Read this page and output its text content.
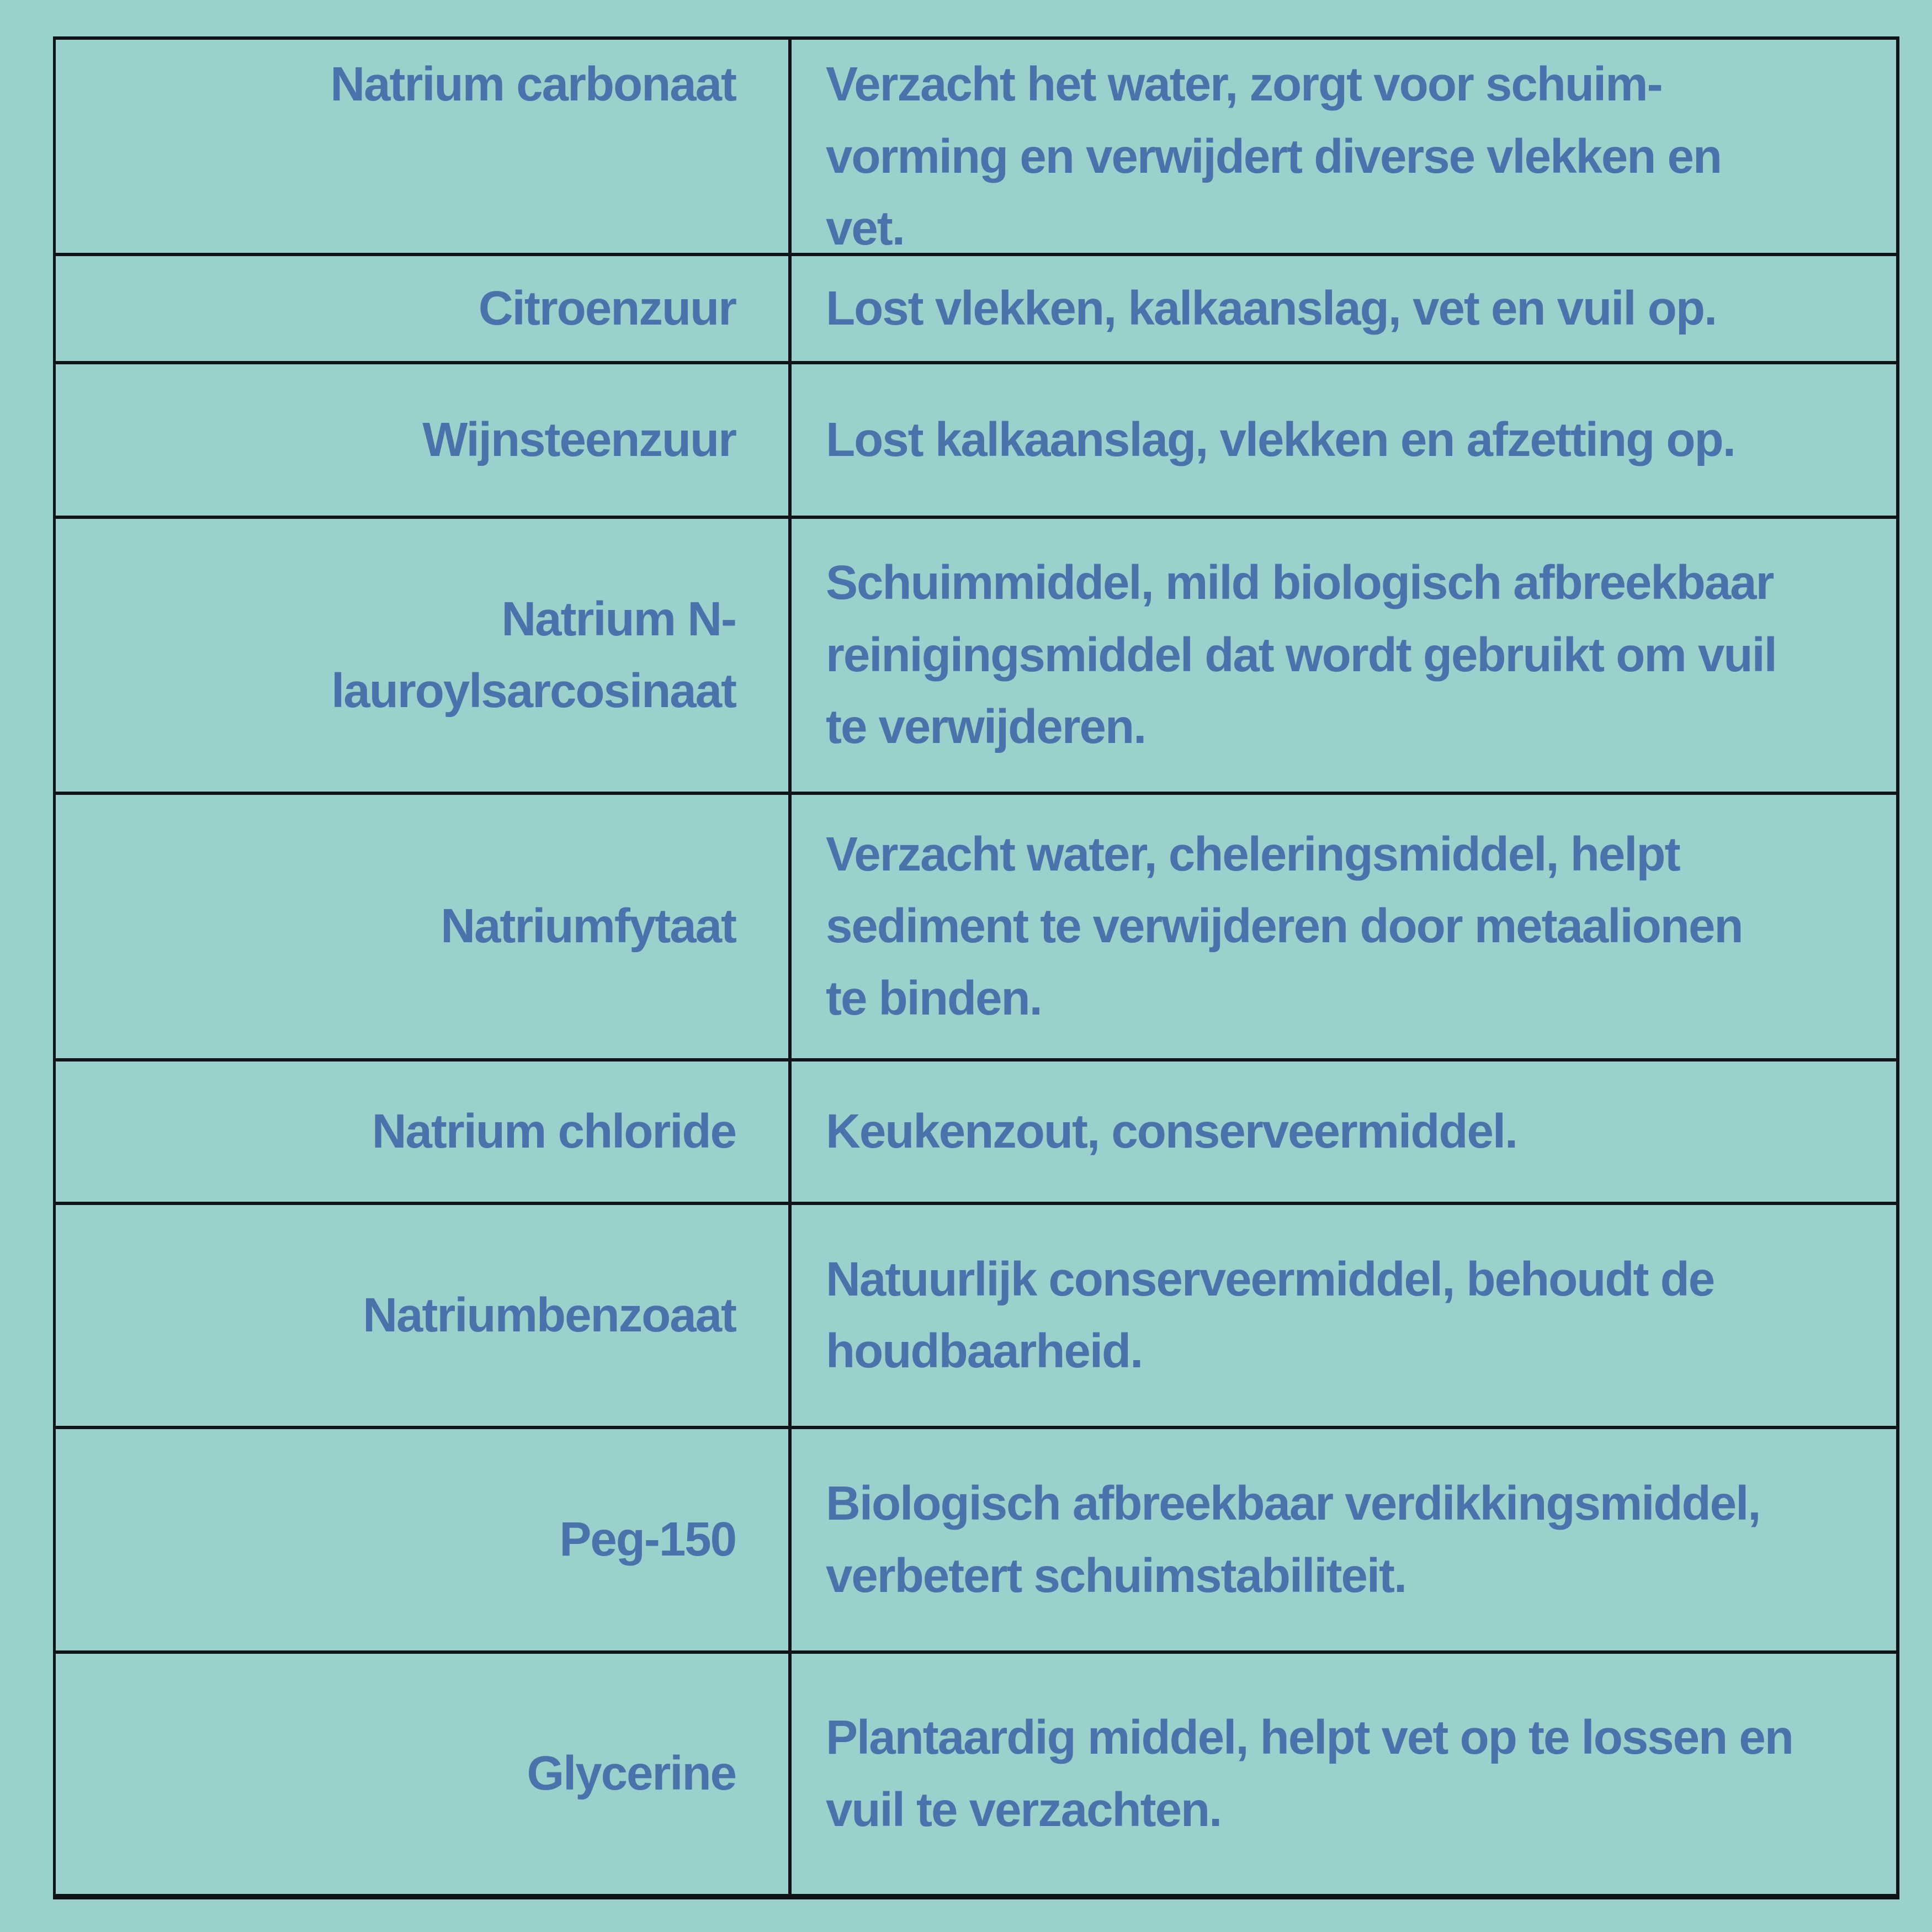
Natrium carbonaat Verzacht het water, zorgt voor schuim-
vorming en verwijdert diverse vlekken en
vet.
Citroenzuur Lost vlekken, kalkaanslag, vet en vuil op.
Wijnsteenzuur Lost kalkaanslag, vlekken en afzetting op.
Natrium N-
lauroylsarcosinaat
Schuimmiddel, mild biologisch afbreekbaar
reinigingsmiddel dat wordt gebruikt om vuil
te verwijderen.
Natriumfytaat
Verzacht water, cheleringsmiddel, helpt
sediment te verwijderen door metaalionen
te binden.
Natrium chloride Keukenzout, conserveermiddel.
Natriumbenzoaat
Natuurlijk conserveermiddel, behoudt de
houdbaarheid.
Peg-150
Biologisch afbreekbaar verdikkingsmiddel,
verbetert schuimstabiliteit.
Glycerine
Plantaardig middel, helpt vet op te lossen en
vuil te verzachten.
